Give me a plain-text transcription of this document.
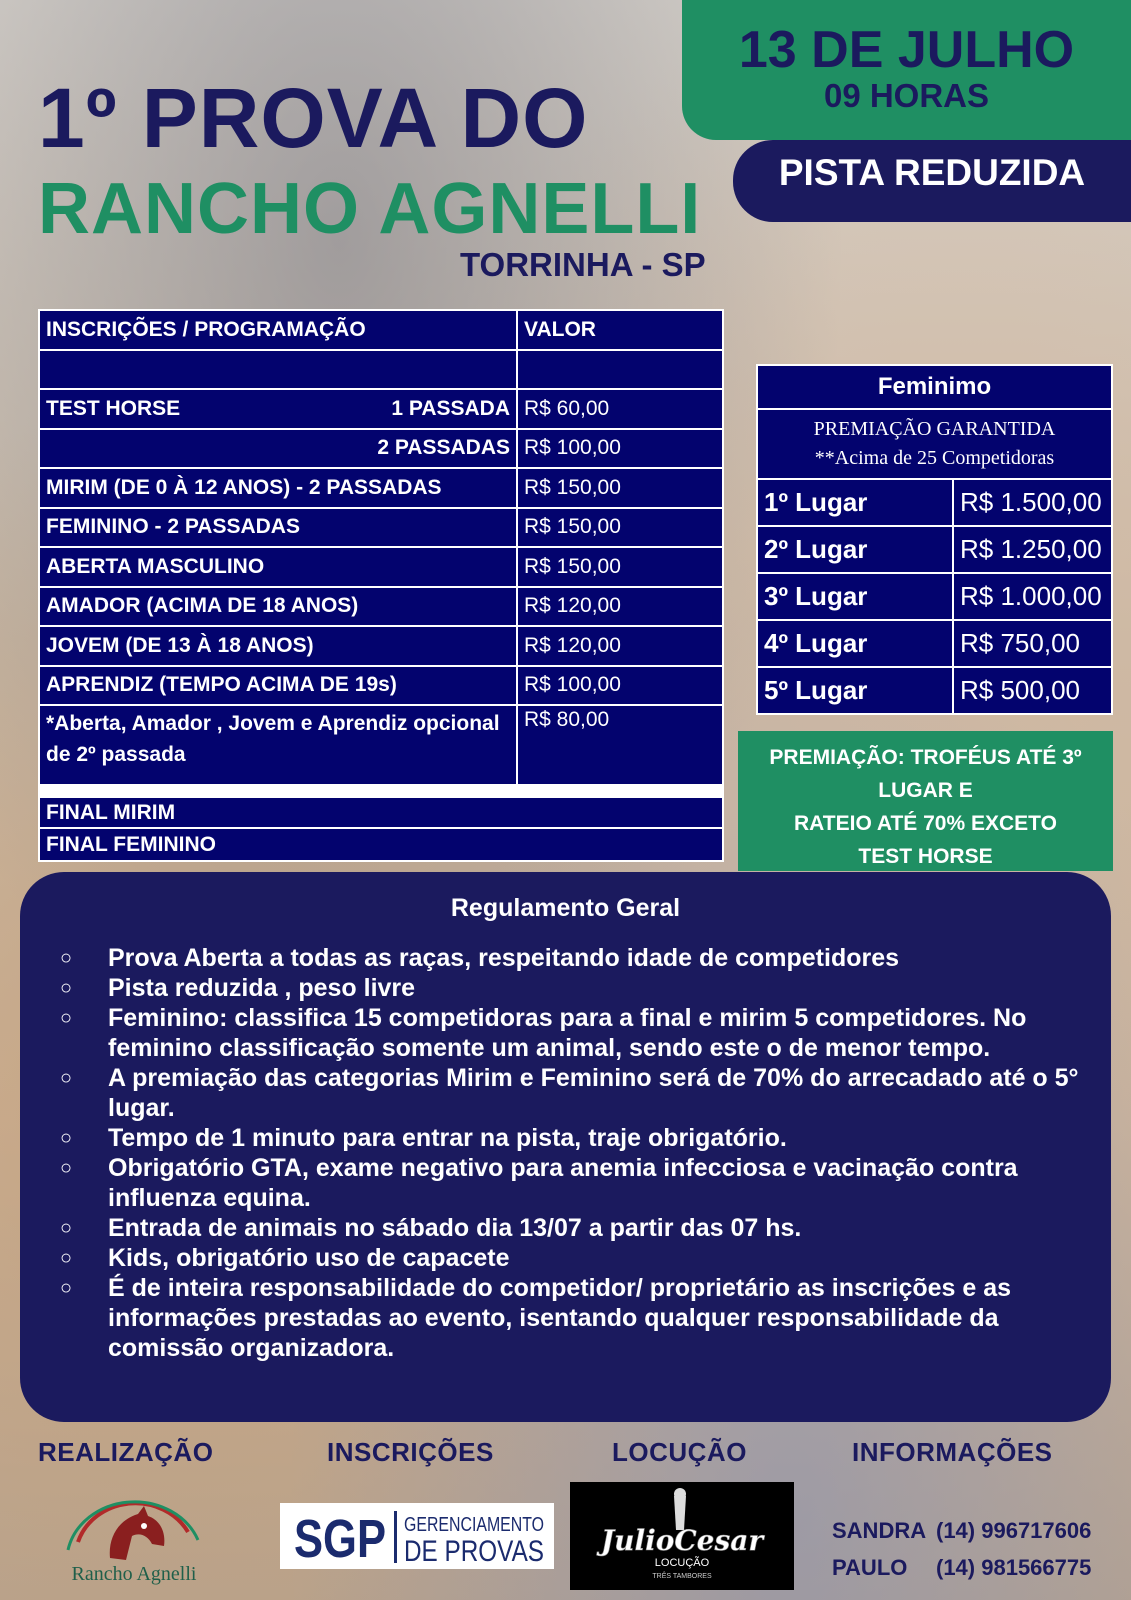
1º PROVA DO
RANCHO AGNELLI
TORRINHA - SP
13 DE JULHO
09 HORAS
PISTA REDUZIDA
INSCRIÇÕES / PROGRAMAÇÃO	VALOR

TEST HORSE 1 PASSADA	R$ 60,00

2 PASSADAS	R$ 100,00
MIRIM (DE 0 À 12 ANOS) - 2 PASSADAS	R$ 150,00
FEMININO - 2 PASSADAS	R$ 150,00
ABERTA MASCULINO	R$ 150,00
AMADOR (ACIMA DE 18 ANOS)	R$ 120,00
JOVEM (DE 13 À 18 ANOS)	R$ 120,00
APRENDIZ (TEMPO ACIMA DE 19s)	R$ 100,00
*Aberta, Amador , Jovem e Aprendiz opcional de 2º passada	R$ 80,00

FINAL MIRIM	
FINAL FEMININO	
Feminimo	
PREMIAÇÃO GARANTIDA
**Acima de 25 Competidoras	
1º Lugar	R$ 1.500,00
2º Lugar	R$ 1.250,00
3º Lugar	R$ 1.000,00
4º Lugar	R$ 750,00
5º Lugar	R$ 500,00
PREMIAÇÃO: TROFÉUS ATÉ 3º
LUGAR E
RATEIO ATÉ 70% EXCETO
TEST HORSE
Regulamento Geral
○ Prova Aberta a todas as raças, respeitando idade de competidores
○ Pista reduzida , peso livre
○ Feminino: classifica 15 competidoras para a final e mirim 5 competidores. No feminino classificação somente um animal, sendo este o de menor tempo.
○ A premiação das categorias Mirim e Feminino será de 70% do arrecadado até o 5° lugar.
○ Tempo de 1 minuto para entrar na pista, traje obrigatório.
○ Obrigatório GTA, exame negativo para anemia infecciosa e vacinação contra influenza equina.
○ Entrada de animais no sábado dia 13/07 a partir das 07 hs.
○ Kids, obrigatório uso de capacete
○ É de inteira responsabilidade do competidor/ proprietário as inscrições e as informações prestadas ao evento, isentando qualquer responsabilidade da comissão organizadora.
REALIZAÇÃO	INSCRIÇÕES	LOCUÇÃO	INFORMAÇÕES
Rancho Agnelli
SGP GERENCIAMENTO
DE PROVAS JulioCesar
LOCUÇÃO
TRÊS TAMBORES
SANDRA (14) 996717606
PAULO (14) 981566775
